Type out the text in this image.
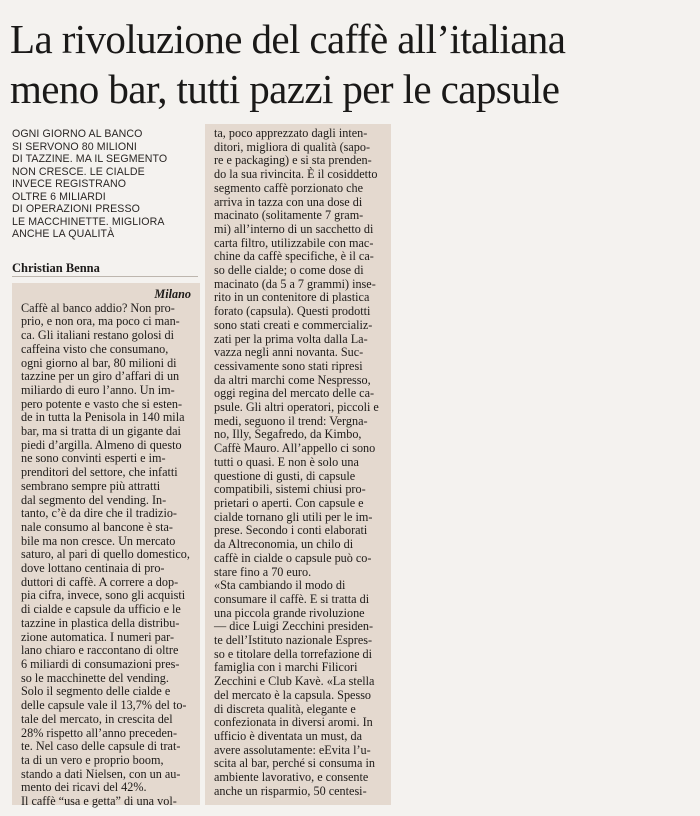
La rivoluzione del caffè all’italiana
meno bar, tutti pazzi per le capsule
OGNI GIORNO AL BANCO
SI SERVONO 80 MILIONI
DI TAZZINE. MA IL SEGMENTO
NON CRESCE. LE CIALDE
INVECE REGISTRANO
OLTRE 6 MILIARDI
DI OPERAZIONI PRESSO
LE MACCHINETTE. MIGLIORA
ANCHE LA QUALITÀ
Christian Benna
Milano
Caffè al banco addio? Non pro-
prio, e non ora, ma poco ci man-
ca. Gli italiani restano golosi di
caffeina visto che consumano,
ogni giorno al bar, 80 milioni di
tazzine per un giro d’affari di un
miliardo di euro l’anno. Un im-
pero potente e vasto che si esten-
de in tutta la Penisola in 140 mila
bar, ma si tratta di un gigante dai
piedi d’argilla. Almeno di questo
ne sono convinti esperti e im-
prenditori del settore, che infatti
sembrano sempre più attratti
dal segmento del vending. In-
tanto, c’è da dire che il tradizio-
nale consumo al bancone è sta-
bile ma non cresce. Un mercato
saturo, al pari di quello domestico,
dove lottano centinaia di pro-
duttori di caffè. A correre a dop-
pia cifra, invece, sono gli acquisti
di cialde e capsule da ufficio e le
tazzine in plastica della distribu-
zione automatica. I numeri par-
lano chiaro e raccontano di oltre
6 miliardi di consumazioni pres-
so le macchinette del vending.
Solo il segmento delle cialde e
delle capsule vale il 13,7% del to-
tale del mercato, in crescita del
28% rispetto all’anno preceden-
te. Nel caso delle capsule di trat-
ta di un vero e proprio boom,
stando a dati Nielsen, con un au-
mento dei ricavi del 42%.
Il caffè “usa e getta” di una vol-
ta, poco apprezzato dagli inten-
ditori, migliora di qualità (sapo-
re e packaging) e si sta prenden-
do la sua rivincita. È il cosiddetto
segmento caffè porzionato che
arriva in tazza con una dose di
macinato (solitamente 7 gram-
mi) all’interno di un sacchetto di
carta filtro, utilizzabile con mac-
chine da caffè specifiche, è il ca-
so delle cialde; o come dose di
macinato (da 5 a 7 grammi) inse-
rito in un contenitore di plastica
forato (capsula). Questi prodotti
sono stati creati e commercializ-
zati per la prima volta dalla La-
vazza negli anni novanta. Suc-
cessivamente sono stati ripresi
da altri marchi come Nespresso,
oggi regina del mercato delle ca-
psule. Gli altri operatori, piccoli e
medi, seguono il trend: Vergna-
no, Illy, Segafredo, da Kimbo,
Caffè Mauro. All’appello ci sono
tutti o quasi. E non è solo una
questione di gusti, di capsule
compatibili, sistemi chiusi pro-
prietari o aperti. Con capsule e
cialde tornano gli utili per le im-
prese. Secondo i conti elaborati
da Altreconomia, un chilo di
caffè in cialde o capsule può co-
stare fino a 70 euro.
«Sta cambiando il modo di
consumare il caffè. E si tratta di
una piccola grande rivoluzione
— dice Luigi Zecchini presiden-
te dell’Istituto nazionale Espres-
so e titolare della torrefazione di
famiglia con i marchi Filicori
Zecchini e Club Kavè. «La stella
del mercato è la capsula. Spesso
di discreta qualità, elegante e
confezionata in diversi aromi. In
ufficio è diventata un must, da
avere assolutamente: eEvita l’u-
scita al bar, perché si consuma in
ambiente lavorativo, e consente
anche un risparmio, 50 centesi-
